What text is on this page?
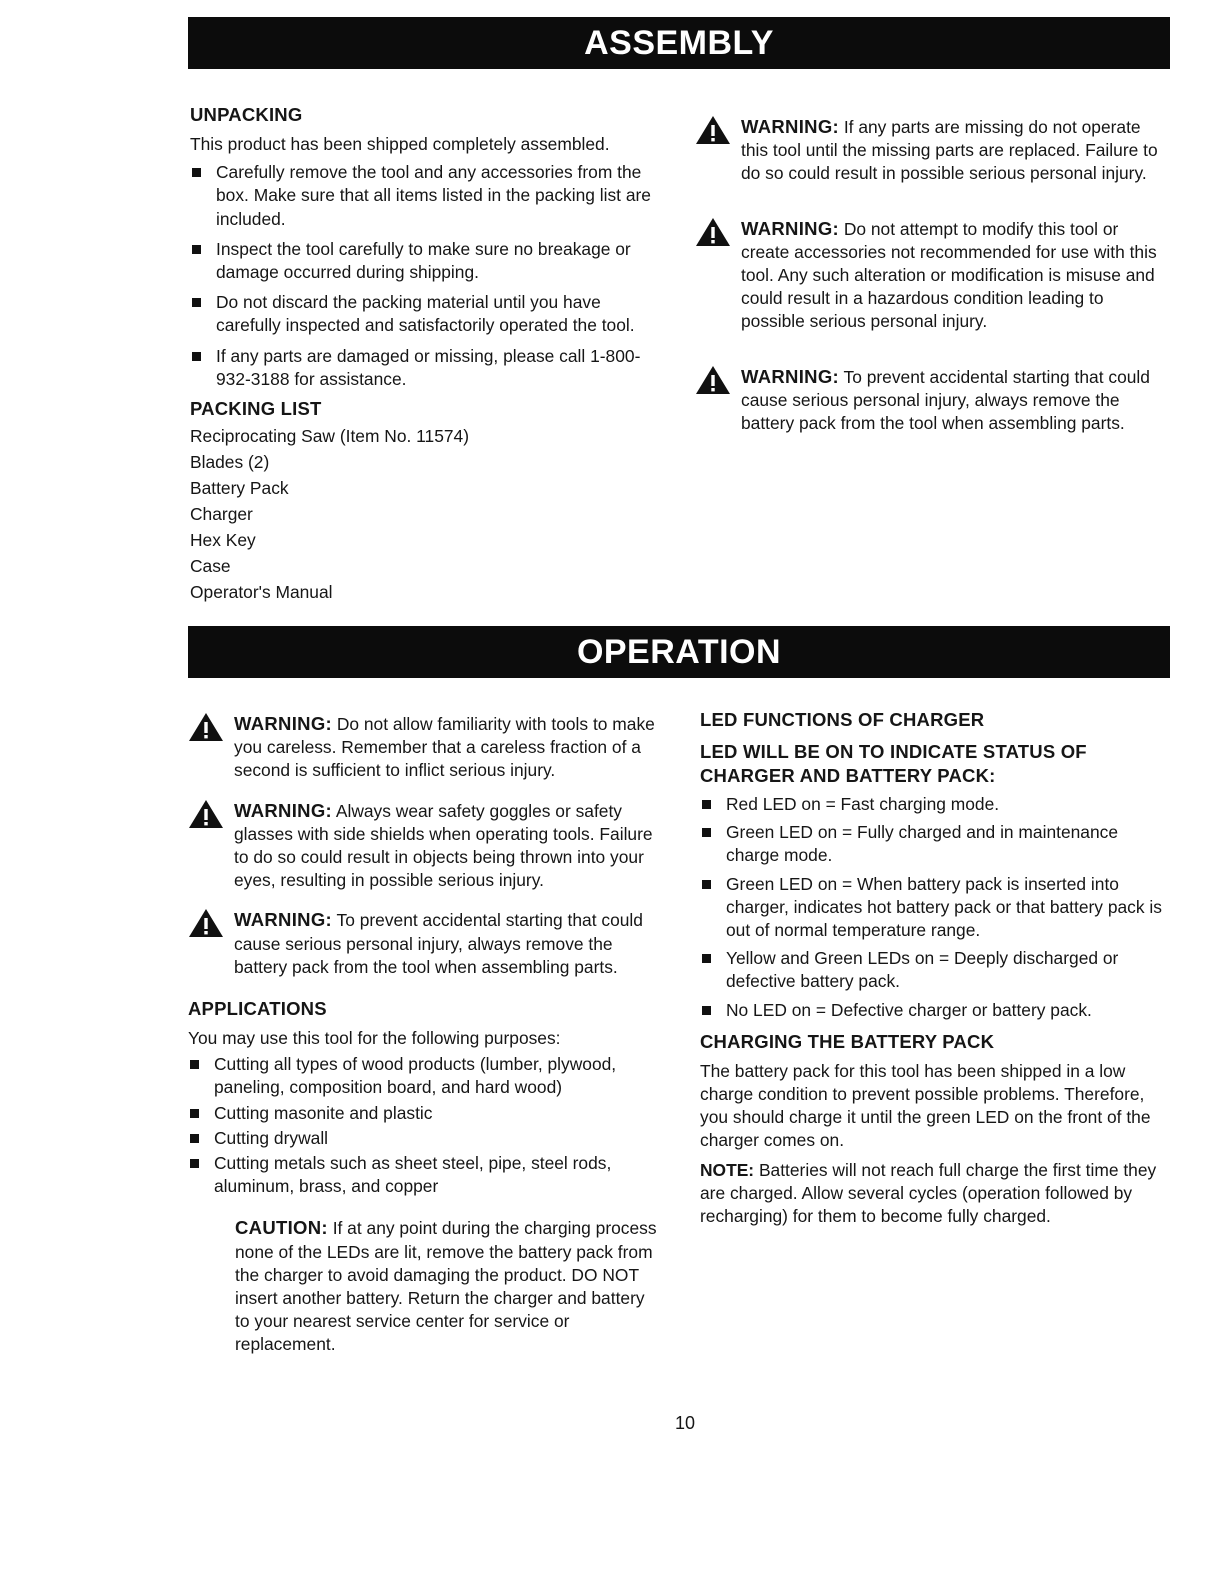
ASSEMBLY
UNPACKING

This product has been shipped completely assembled.

Carefully remove the tool and any accessories from the box. Make sure that all items listed in the packing list are included.
Inspect the tool carefully to make sure no breakage or damage occurred during shipping.
Do not discard the packing material until you have carefully inspected and satisfactorily operated the tool.
If any parts are damaged or missing, please call 1-800-932-3188 for assistance.
PACKING LIST

Reciprocating Saw (Item No. 11574)

Blades (2)

Battery Pack

Charger

Hex Key

Case

Operator's Manual

WARNING: If any parts are missing do not operate this tool until the missing parts are replaced. Failure to do so could result in possible serious personal injury.
WARNING: Do not attempt to modify this tool or create accessories not recommended for use with this tool. Any such alteration or modification is misuse and could result in a hazardous condition leading to possible serious personal injury.
WARNING: To prevent accidental starting that could cause serious personal injury, always remove the battery pack from the tool when assembling parts.
OPERATION
WARNING: Do not allow familiarity with tools to make you careless. Remember that a careless fraction of a second is sufficient to inflict serious injury.
WARNING: Always wear safety goggles or safety glasses with side shields when operating tools. Failure to do so could result in objects being thrown into your eyes, resulting in possible serious injury.
WARNING: To prevent accidental starting that could cause serious personal injury, always remove the battery pack from the tool when assembling parts.
APPLICATIONS

You may use this tool for the following purposes:

Cutting all types of wood products (lumber, plywood, paneling, composition board, and hard wood)
Cutting masonite and plastic
Cutting drywall
Cutting metals such as sheet steel, pipe, steel rods, aluminum, brass, and copper
CAUTION: If at any point during the charging process none of the LEDs are lit, remove the battery pack from the charger to avoid damaging the product. DO NOT insert another battery. Return the charger and battery to your nearest service center for service or replacement.
LED FUNCTIONS OF CHARGER
LED WILL BE ON TO INDICATE STATUS OF CHARGER AND BATTERY PACK:
Red LED on = Fast charging mode.
Green LED on = Fully charged and in maintenance charge mode.
Green LED on = When battery pack is inserted into charger, indicates hot battery pack or that battery pack is out of normal temperature range.
Yellow and Green LEDs on = Deeply discharged or defective battery pack.
No LED on = Defective charger or battery pack.
CHARGING THE BATTERY PACK

The battery pack for this tool has been shipped in a low charge condition to prevent possible problems. Therefore, you should charge it until the green LED on the front of the charger comes on.

NOTE: Batteries will not reach full charge the first time they are charged. Allow several cycles (operation followed by recharging) for them to become fully charged.

10
